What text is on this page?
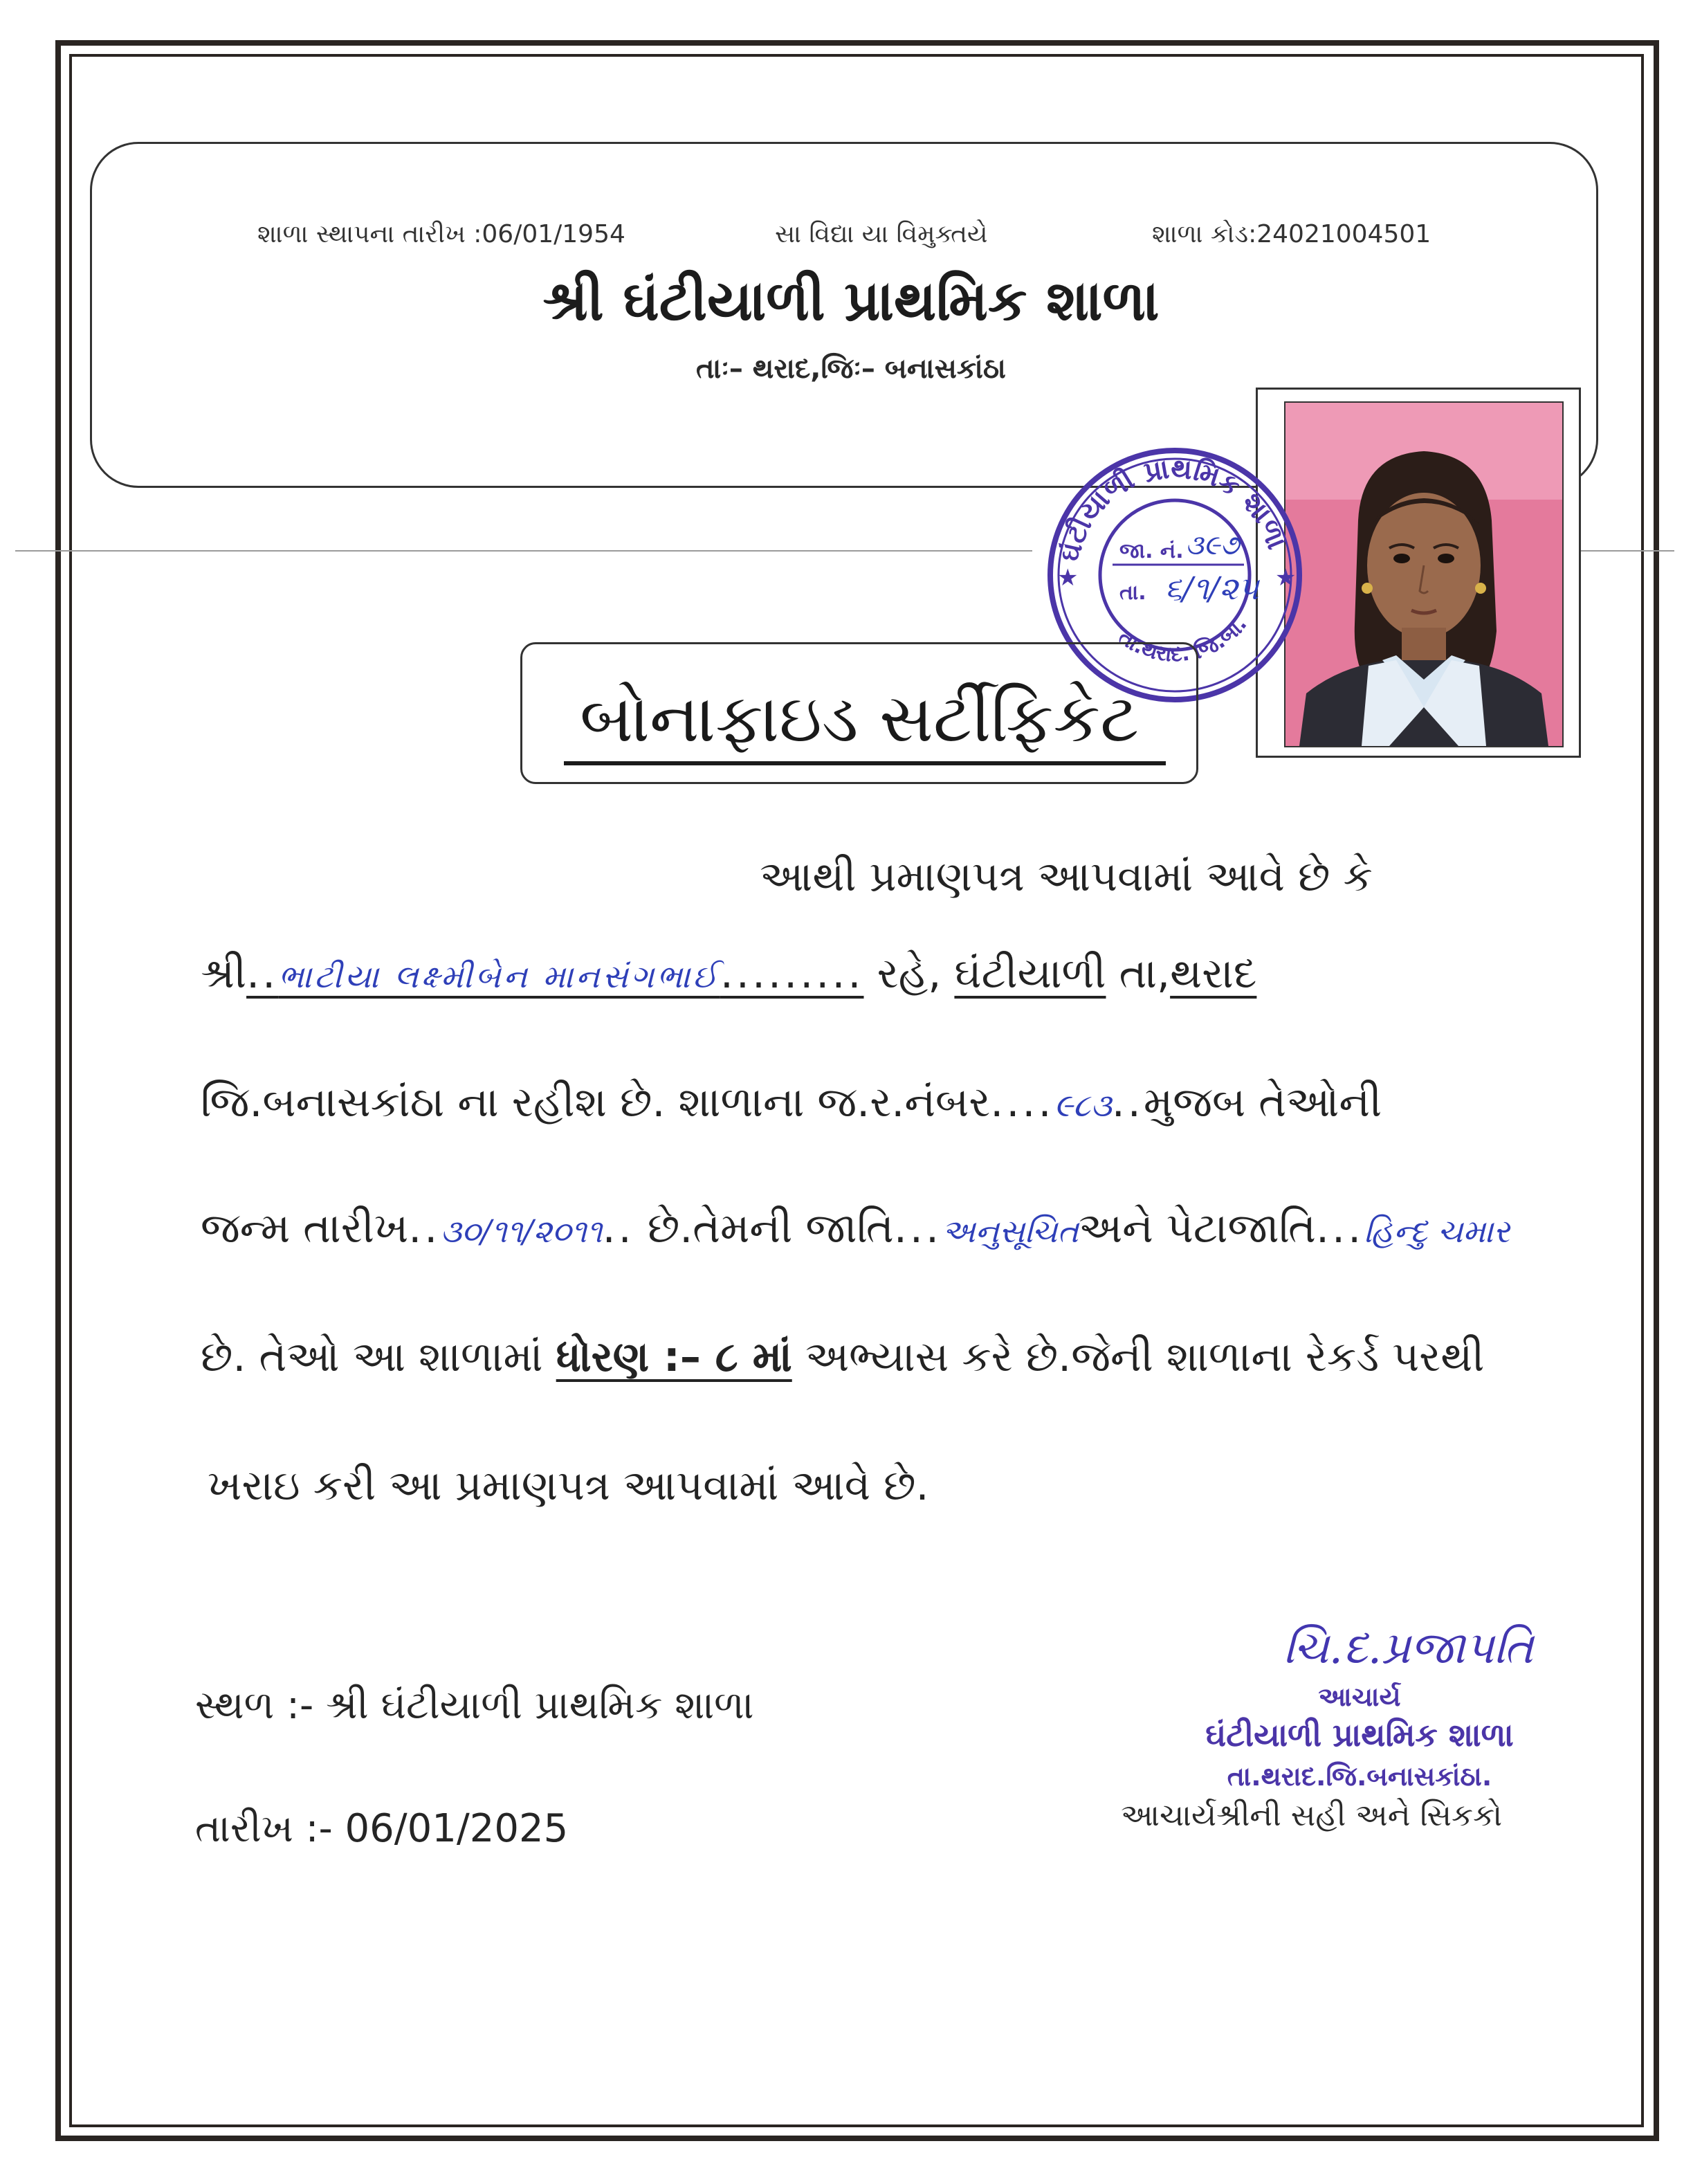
શાળા સ્થાપના તારીખ :06/01/1954	સા વિદ્યા યા વિમુક્તયે	શાળા કોડ:24021004501
શ્રી ઘંટીયાળી પ્રાથમિક શાળા
તાઃ– થરાદ,જિઃ– બનાસકાંઠા
ઘંટીયાળી પ્રાથમિક શાળા
તા.થરાદ. જિ.બા.
★	★
જા. નં. ૩૯૭
તા. ૬/૧/૨૫
બોનાફાઇડ સર્ટીફિકેટ
આથી પ્રમાણપત્ર આપવામાં આવે છે કે
શ્રી..ભાટીયા લક્ષ્મીબેન માનસંગભાઈ......... રહે, ઘંટીયાળી તા,થરાદ
જિ.બનાસકાંઠા ના રહીશ છે. શાળાના જ.ર.નંબર....૯૮૩..મુજબ તેઓની
જન્મ તારીખ..૩૦/૧૧/૨૦૧૧.. છે.તેમની જાતિ...અનુસૂચિતઅને પેટાજાતિ...હિન્દુ ચમાર
છે. તેઓ આ શાળામાં ધોરણ :– ૮ માં અભ્યાસ કરે છે.જેની શાળાના રેકર્ડ પરથી
ખરાઇ કરી આ પ્રમાણપત્ર આપવામાં આવે છે.
સ્થળ :- શ્રી ઘંટીયાળી પ્રાથમિક શાળા
તારીખ :- 06/01/2025
ચિ.દ.પ્રજાપતિ
આચાર્ય
ઘંટીયાળી પ્રાથમિક શાળા
તા.થરાદ.જિ.બનાસકાંઠા.
આચાર્યશ્રીની સહી અને સિકકો
